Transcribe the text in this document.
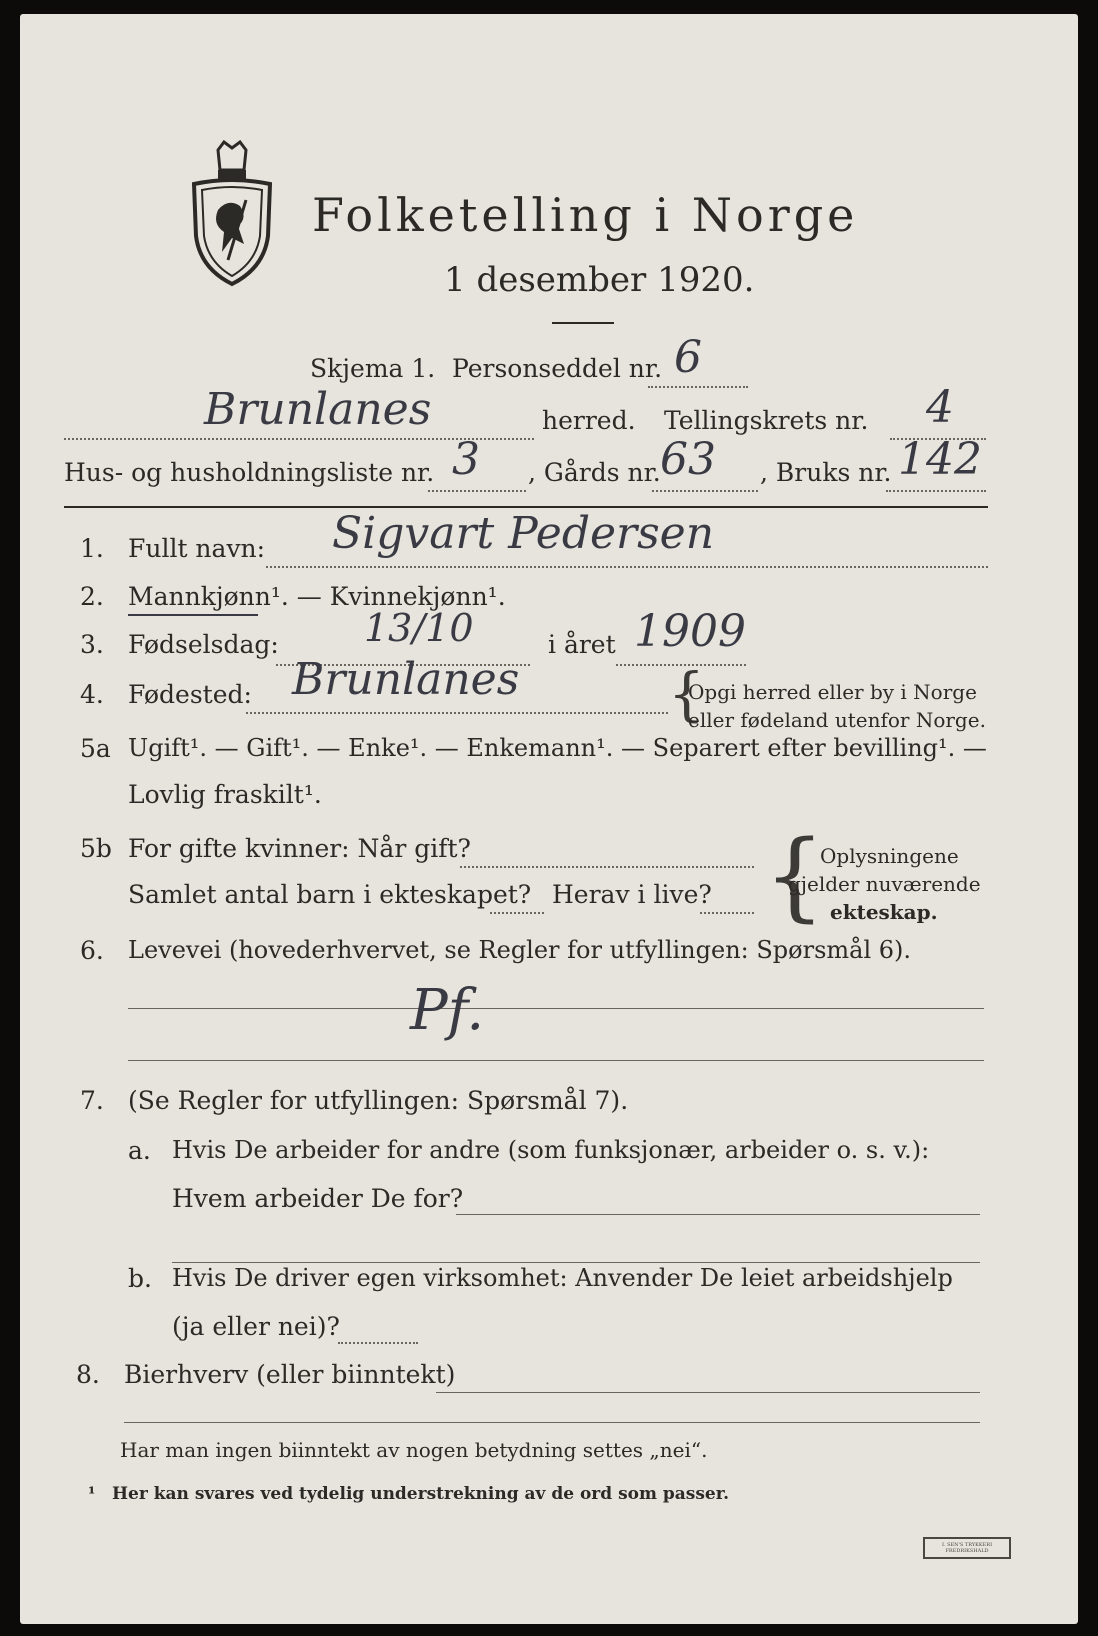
Folketelling i Norge
1 desember 1920.
Skjema 1. Personseddel nr. 6
Brunlanes	herred. Tellingskrets nr. 4
Hus- og husholdningsliste nr. 3 , Gårds nr. 63 , Bruks nr. 142
1. Fullt navn: Sigvart Pedersen
2. Mannkjønn¹. — Kvinnekjønn¹.
3. Fødselsdag: 13/10	i året 1909
4. Fødested: Brunlanes	{
Opgi herred eller by i Norge
eller fødeland utenfor Norge.
5a Ugift¹. — Gift¹. — Enke¹. — Enkemann¹. — Separert efter bevilling¹. —
Lovlig fraskilt¹.
5b For gifte kvinner: Når gift?
Samlet antal barn i ekteskapet? Herav i live? {
Oplysningene
gjelder nuværende
ekteskap.
6. Levevei (hovederhvervet, se Regler for utfyllingen: Spørsmål 6).
Pf.
7. (Se Regler for utfyllingen: Spørsmål 7).
a. Hvis De arbeider for andre (som funksjonær, arbeider o. s. v.):
Hvem arbeider De for?
b. Hvis De driver egen virksomhet: Anvender De leiet arbeidshjelp
(ja eller nei)?
8. Bierhverv (eller biinntekt)
Har man ingen biinntekt av nogen betydning settes „nei“.
¹ Her kan svares ved tydelig understrekning av de ord som passer.
I. SEN'S TRYKKERI FREDRIKSHALD
